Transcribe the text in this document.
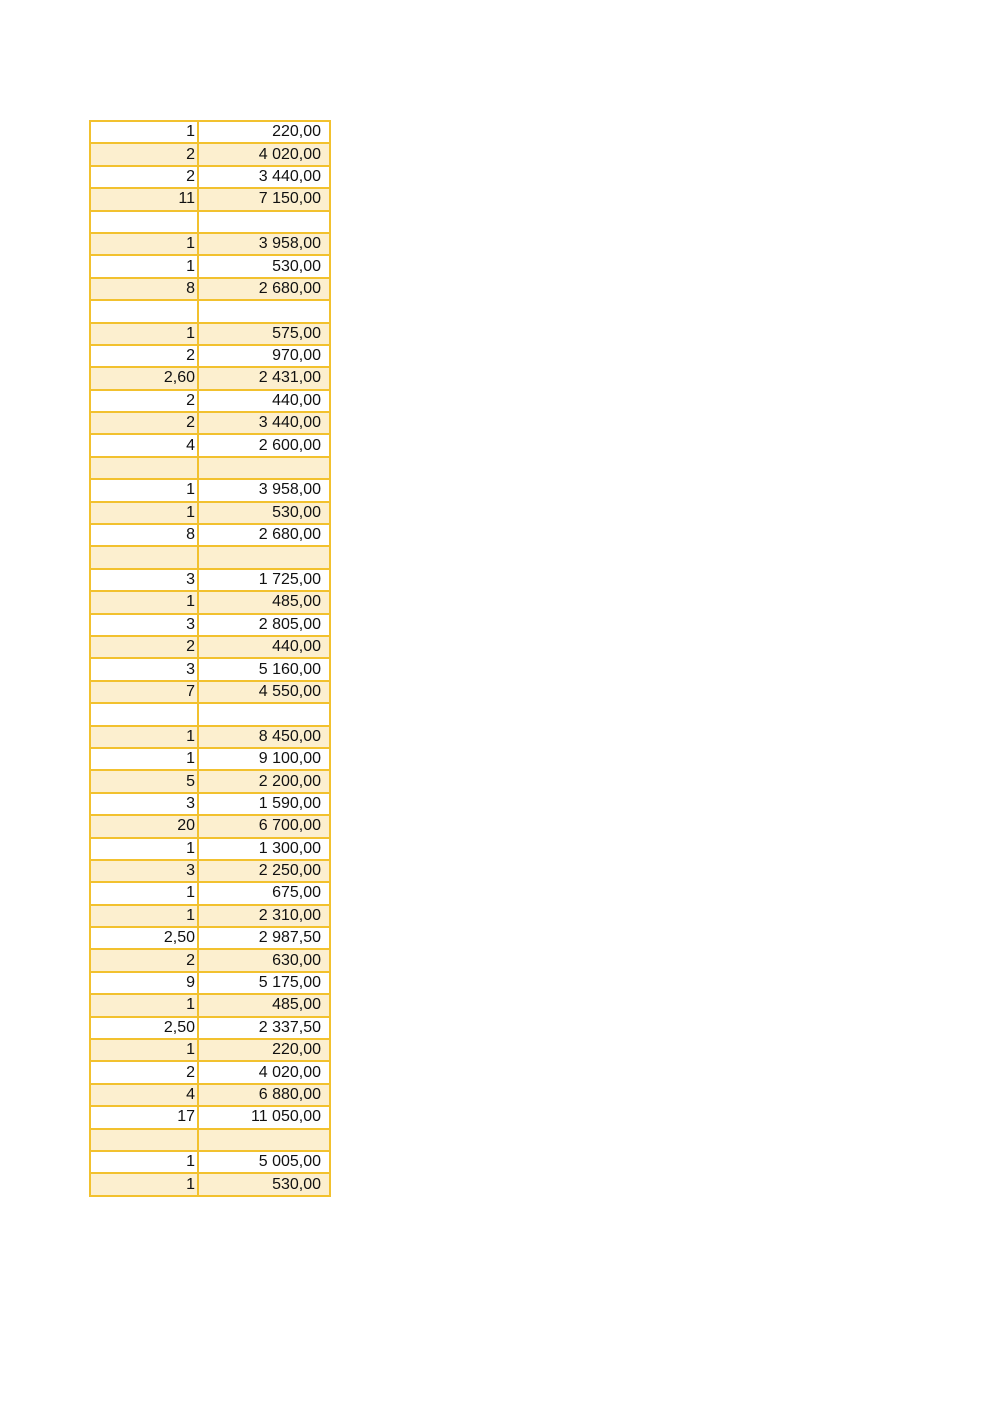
1	220,00
2	4 020,00
2	3 440,00
11	7 150,00

1	3 958,00
1	530,00
8	2 680,00

1	575,00
2	970,00
2,60	2 431,00
2	440,00
2	3 440,00
4	2 600,00

1	3 958,00
1	530,00
8	2 680,00

3	1 725,00
1	485,00
3	2 805,00
2	440,00
3	5 160,00
7	4 550,00

1	8 450,00
1	9 100,00
5	2 200,00
3	1 590,00
20	6 700,00
1	1 300,00
3	2 250,00
1	675,00
1	2 310,00
2,50	2 987,50
2	630,00
9	5 175,00
1	485,00
2,50	2 337,50
1	220,00
2	4 020,00
4	6 880,00
17	11 050,00

1	5 005,00
1	530,00
